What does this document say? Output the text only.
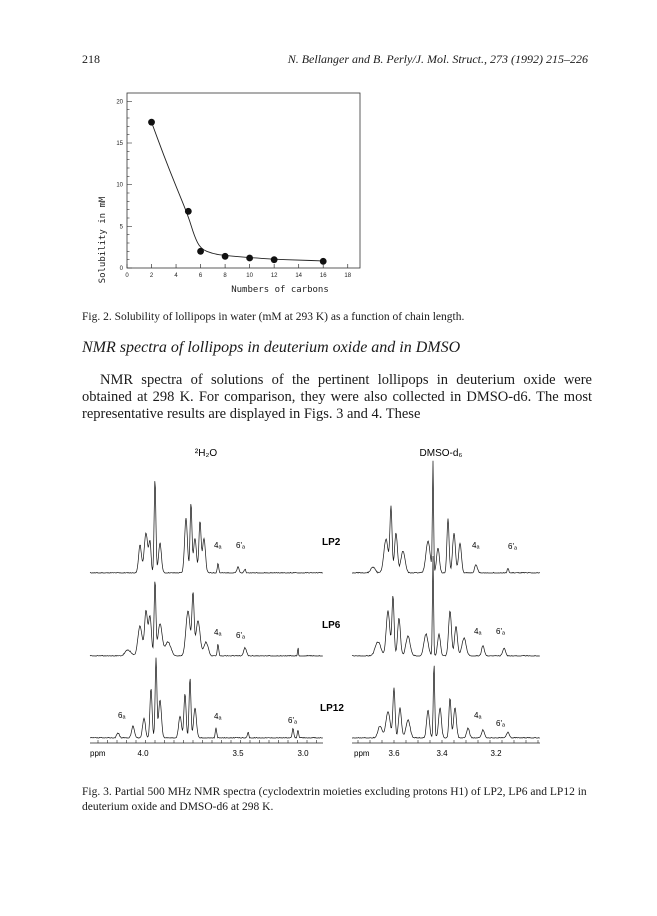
218	N. Bellanger and B. Perly/J. Mol. Struct., 273 (1992) 215–226
0	2	4	6	8	10	12	14	16	18
0
5
10
15
20
Numbers of carbons
Solubility in mM
Fig. 2. Solubility of lollipops in water (mM at 293 K) as a function of chain length.
NMR spectra of lollipops in deuterium oxide and in DMSO

NMR spectra of solutions of the pertinent lollipops in deuterium oxide were obtained at 298 K. For comparison, they were also collected in DMSO-d6. The most representative results are displayed in Figs. 3 and 4. These

²H₂O	DMSO-d₆
LP2
LP6
LP12
4ₐ 6'ₐ
4ₐ 6'ₐ
6ₐ	4ₐ	6'ₐ
4ₐ	6'ₐ
4ₐ 6'ₐ
4ₐ
6'ₐ
ppm	4.0	3.5	3.0	ppm 3.6	3.4	3.2
Fig. 3. Partial 500 MHz NMR spectra (cyclodextrin moieties excluding protons H1) of LP2, LP6 and LP12 in deuterium oxide and DMSO-d6 at 298 K.
